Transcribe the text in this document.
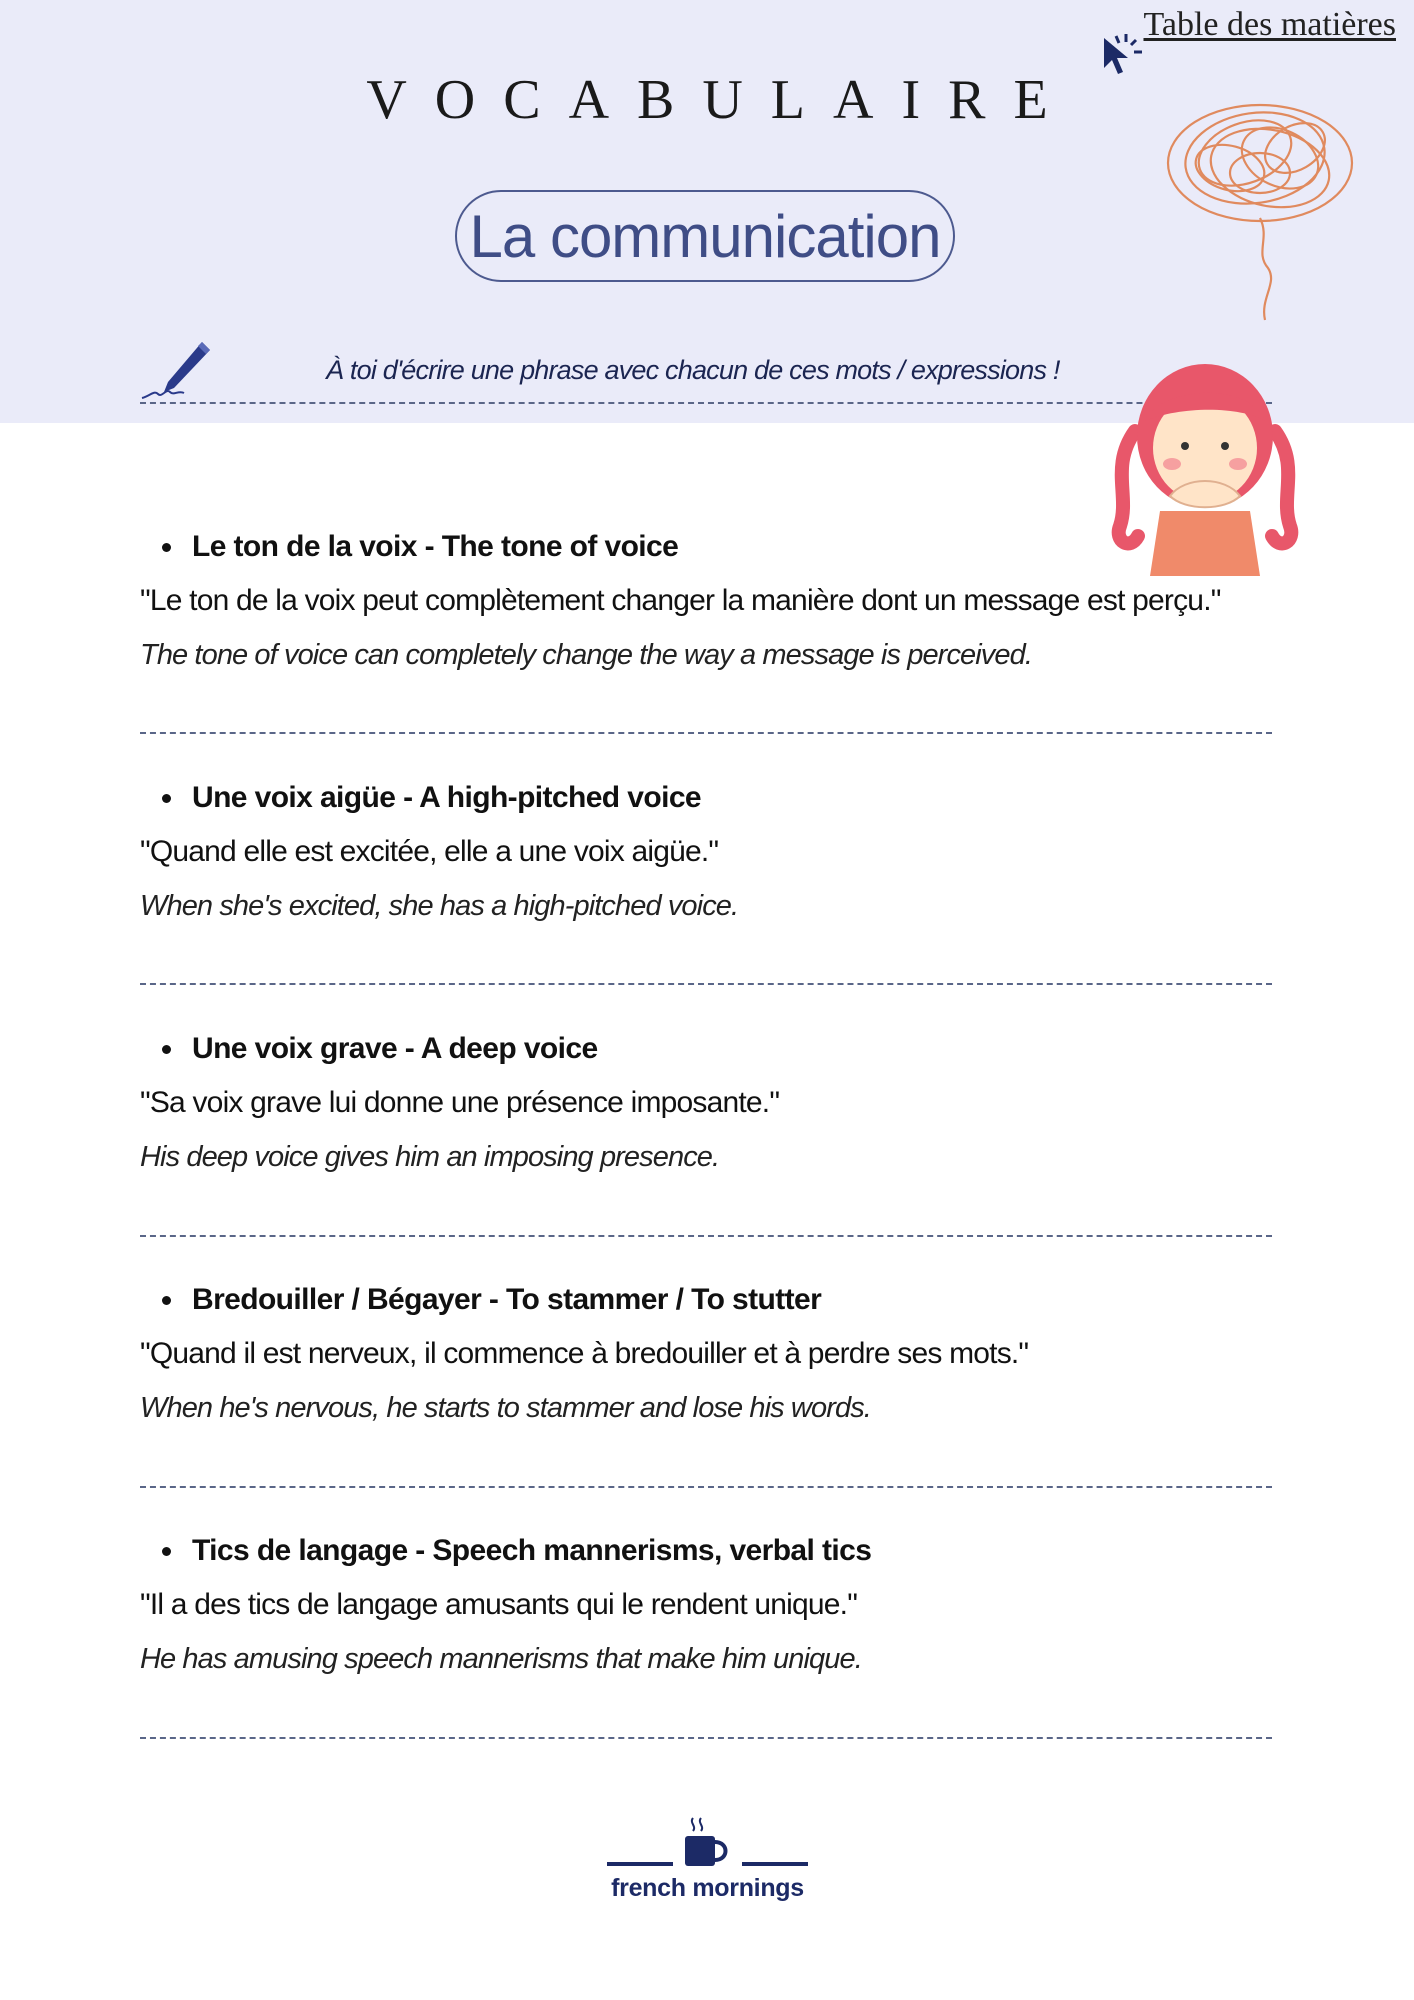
Table des matières
VOCABULAIRE
La communication
À toi d'écrire une phrase avec chacun de ces mots / expressions !
Le ton de la voix - The tone of voice
"Le ton de la voix peut complètement changer la manière dont un message est perçu."
The tone of voice can completely change the way a message is perceived.
Une voix aigüe - A high-pitched voice
"Quand elle est excitée, elle a une voix aigüe."
When she's excited, she has a high-pitched voice.
Une voix grave - A deep voice
"Sa voix grave lui donne une présence imposante."
His deep voice gives him an imposing presence.
Bredouiller / Bégayer - To stammer / To stutter
"Quand il est nerveux, il commence à bredouiller et à perdre ses mots."
When he's nervous, he starts to stammer and lose his words.
Tics de langage - Speech mannerisms, verbal tics
"Il a des tics de langage amusants qui le rendent unique."
He has amusing speech mannerisms that make him unique.
french mornings
